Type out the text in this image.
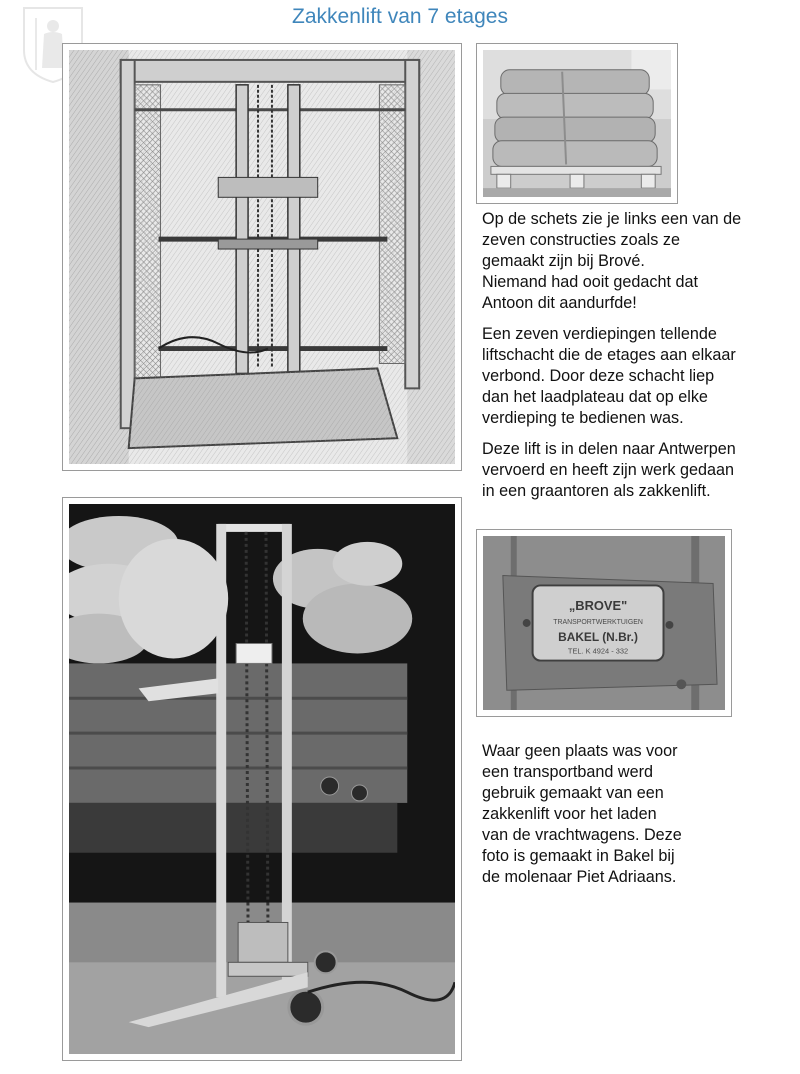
Zakkenlift van 7 etages

Op de schets zie je links een van de
zeven constructies zoals ze
gemaakt zijn bij Brové.
Niemand had ooit gedacht dat
Antoon dit aandurfde!

Een zeven verdiepingen tellende
liftschacht die de etages aan elkaar
verbond. Door deze schacht liep
dan het laadplateau dat op elke
verdieping te bedienen was.

Deze lift is in delen naar Antwerpen
vervoerd en heeft zijn werk gedaan
in een graantoren als zakkenlift.

„BROVE"
TRANSPORTWERKTUIGEN
BAKEL (N.Br.)
TEL. K 4924 - 332
Waar geen plaats was voor
een transportband werd
gebruik gemaakt van een
zakkenlift voor het laden
van de vrachtwagens. Deze
foto is gemaakt in Bakel bij
de molenaar Piet Adriaans.
